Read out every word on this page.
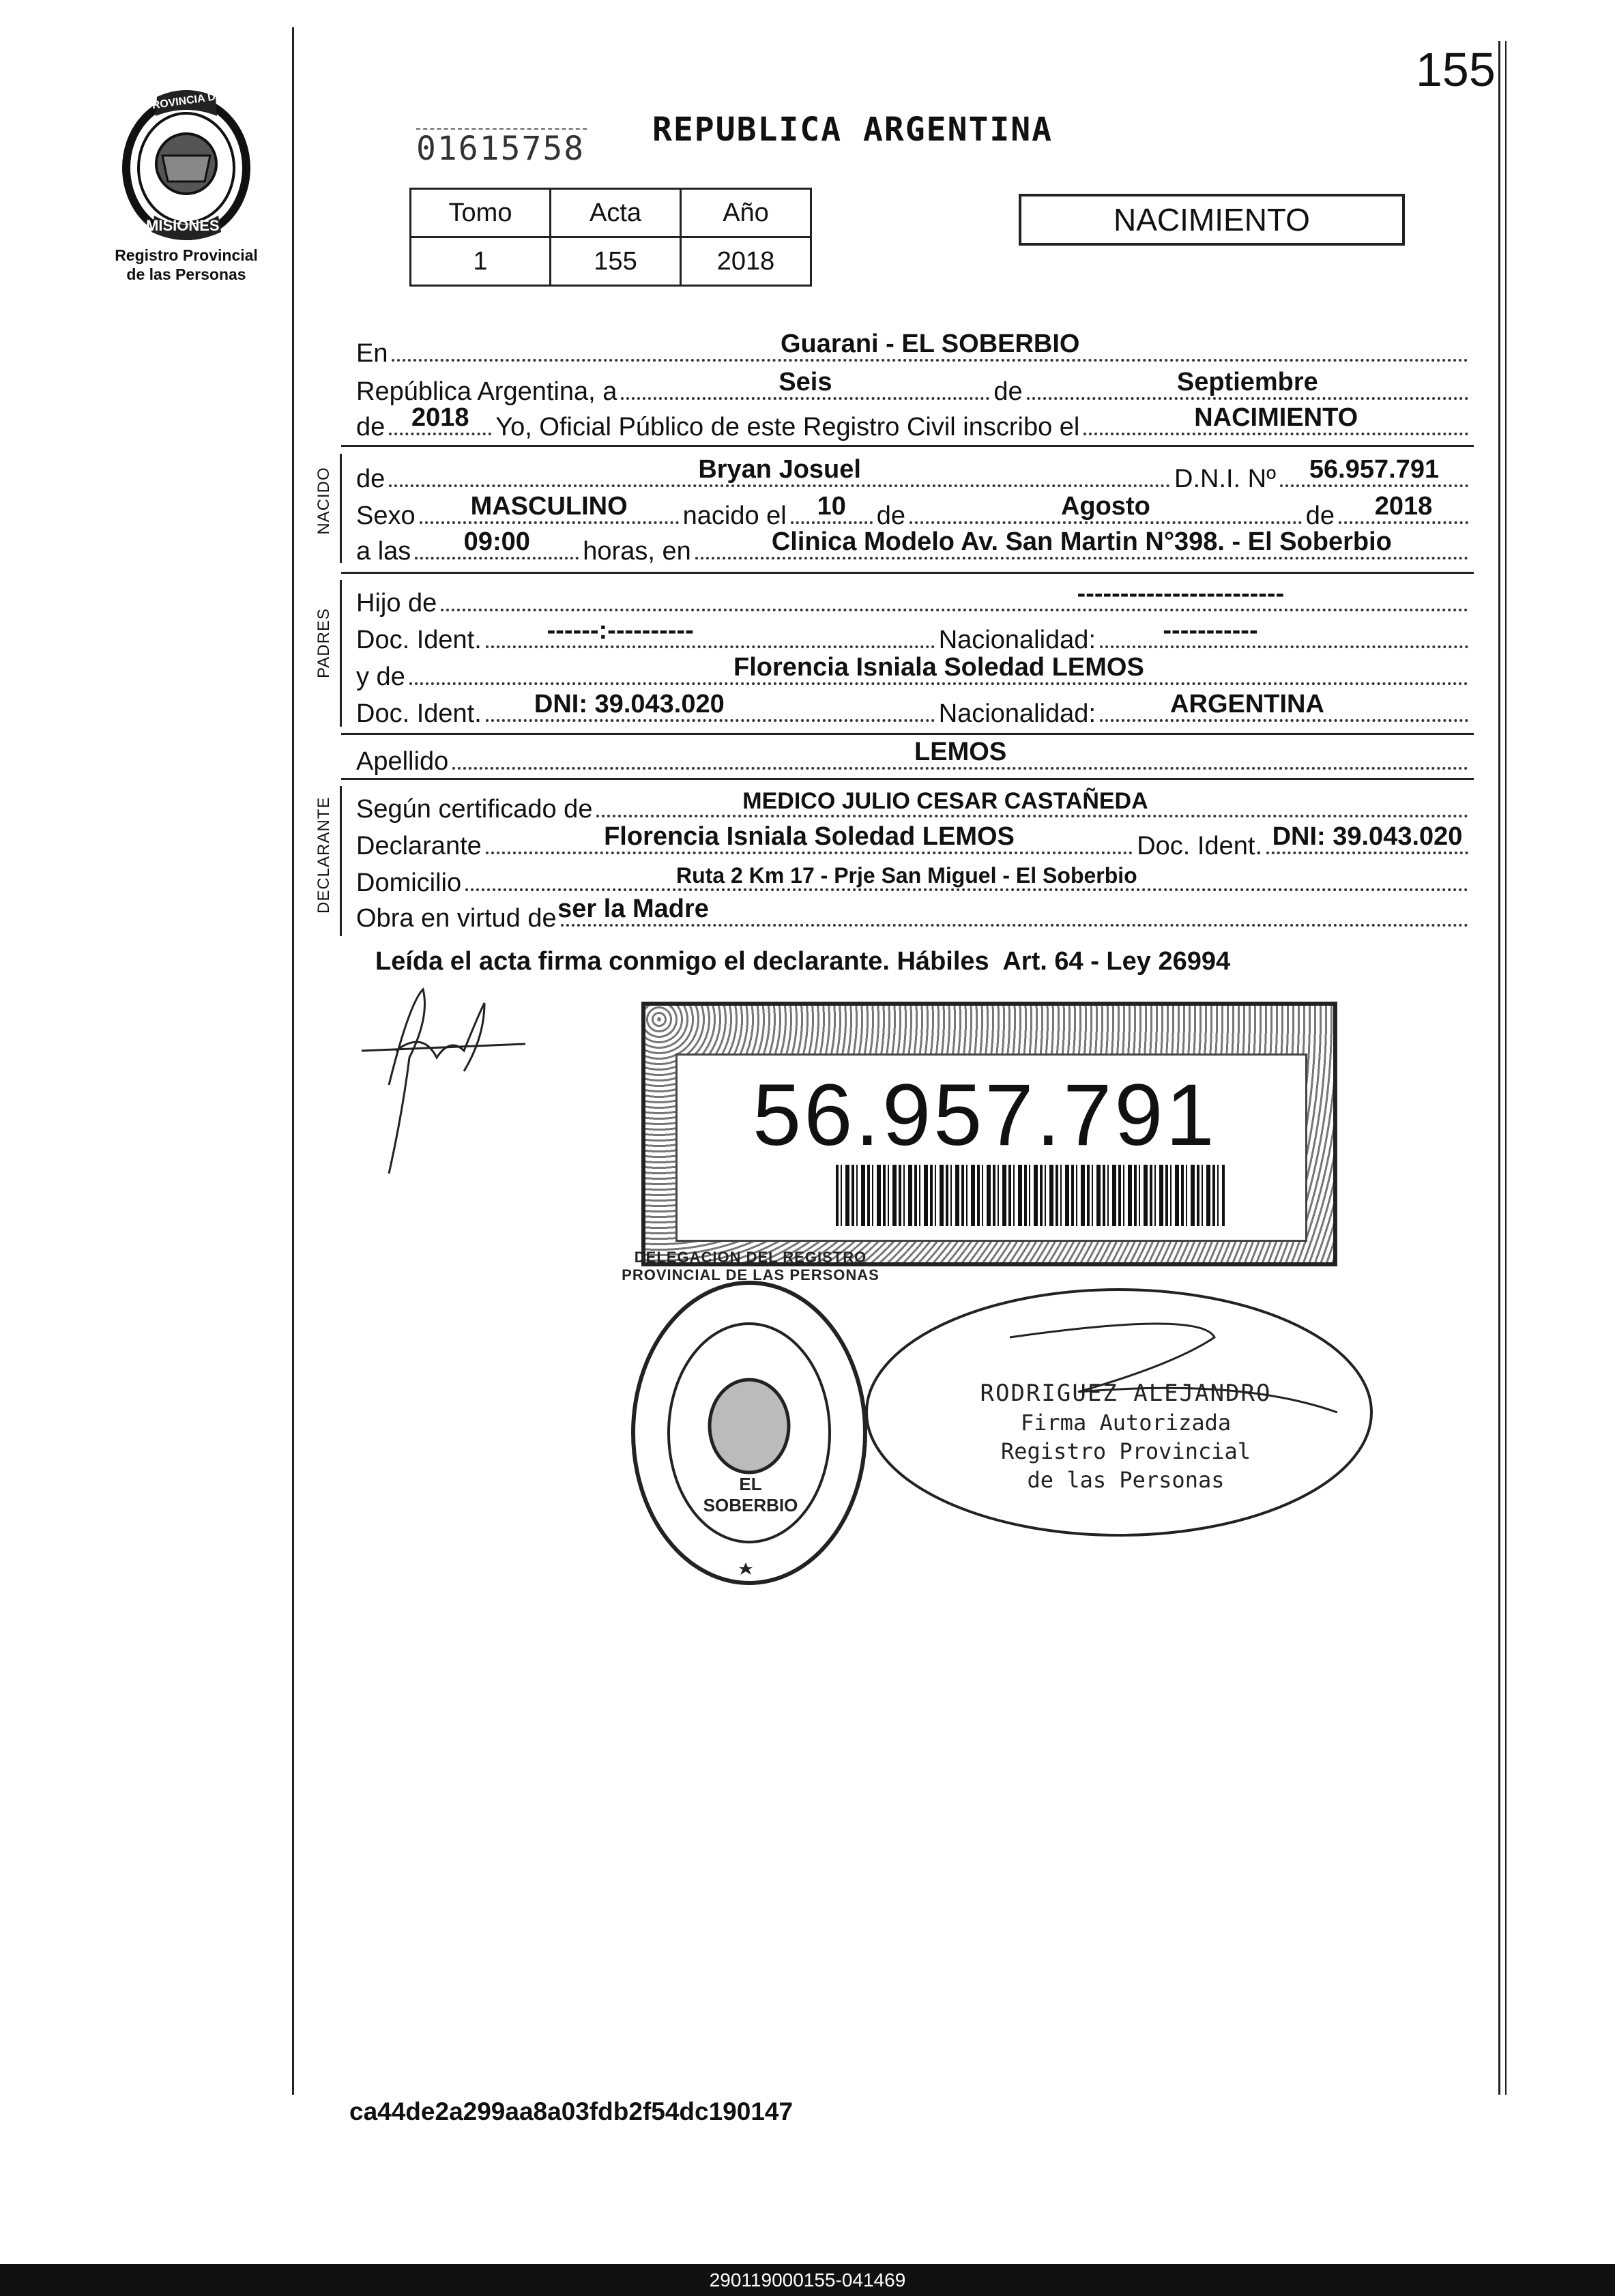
155
PROVINCIA DE
MISIONES
Registro Provincial
de las Personas
01615758 REPUBLICA ARGENTINA
Tomo	Acta	Año
1	155	2018
NACIMIENTO
En	Guarani - EL SOBERBIO
República Argentina, a	Seis	de	Septiembre
de 2018 Yo, Oficial Público de este Registro Civil inscribo el	NACIMIENTO
NACIDO de	Bryan Josuel	D.N.I. Nº 56.957.791
Sexo MASCULINO nacido el 10 de	Agosto	de 2018
a las 09:00 horas, en	Clinica Modelo Av. San Martin N°398. - El Soberbio
PADRES
Hijo de	------------------------
Doc. Ident.	------:----------	Nacionalidad:	-----------
y de	Florencia Isniala Soledad LEMOS
Doc. Ident. DNI: 39.043.020	Nacionalidad:	ARGENTINA
Apellido	LEMOS
DECLARANTE Según certificado de	MEDICO JULIO CESAR CASTAÑEDA
Declarante	Florencia Isniala Soledad LEMOS	Doc. Ident. DNI: 39.043.020
Domicilio	Ruta 2 Km 17 - Prje San Miguel - El Soberbio
Obra en virtud de ser la Madre
Leída el acta firma conmigo el declarante. Hábiles  Art. 64 - Ley 26994
56.957.791
DELEGACION DEL REGISTRO PROVINCIAL DE LAS PERSONAS
EL SOBERBIO
RODRIGUEZ ALEJANDRO
Firma Autorizada
Registro Provincial
de las Personas
ca44de2a299aa8a03fdb2f54dc190147
290119000155-041469
